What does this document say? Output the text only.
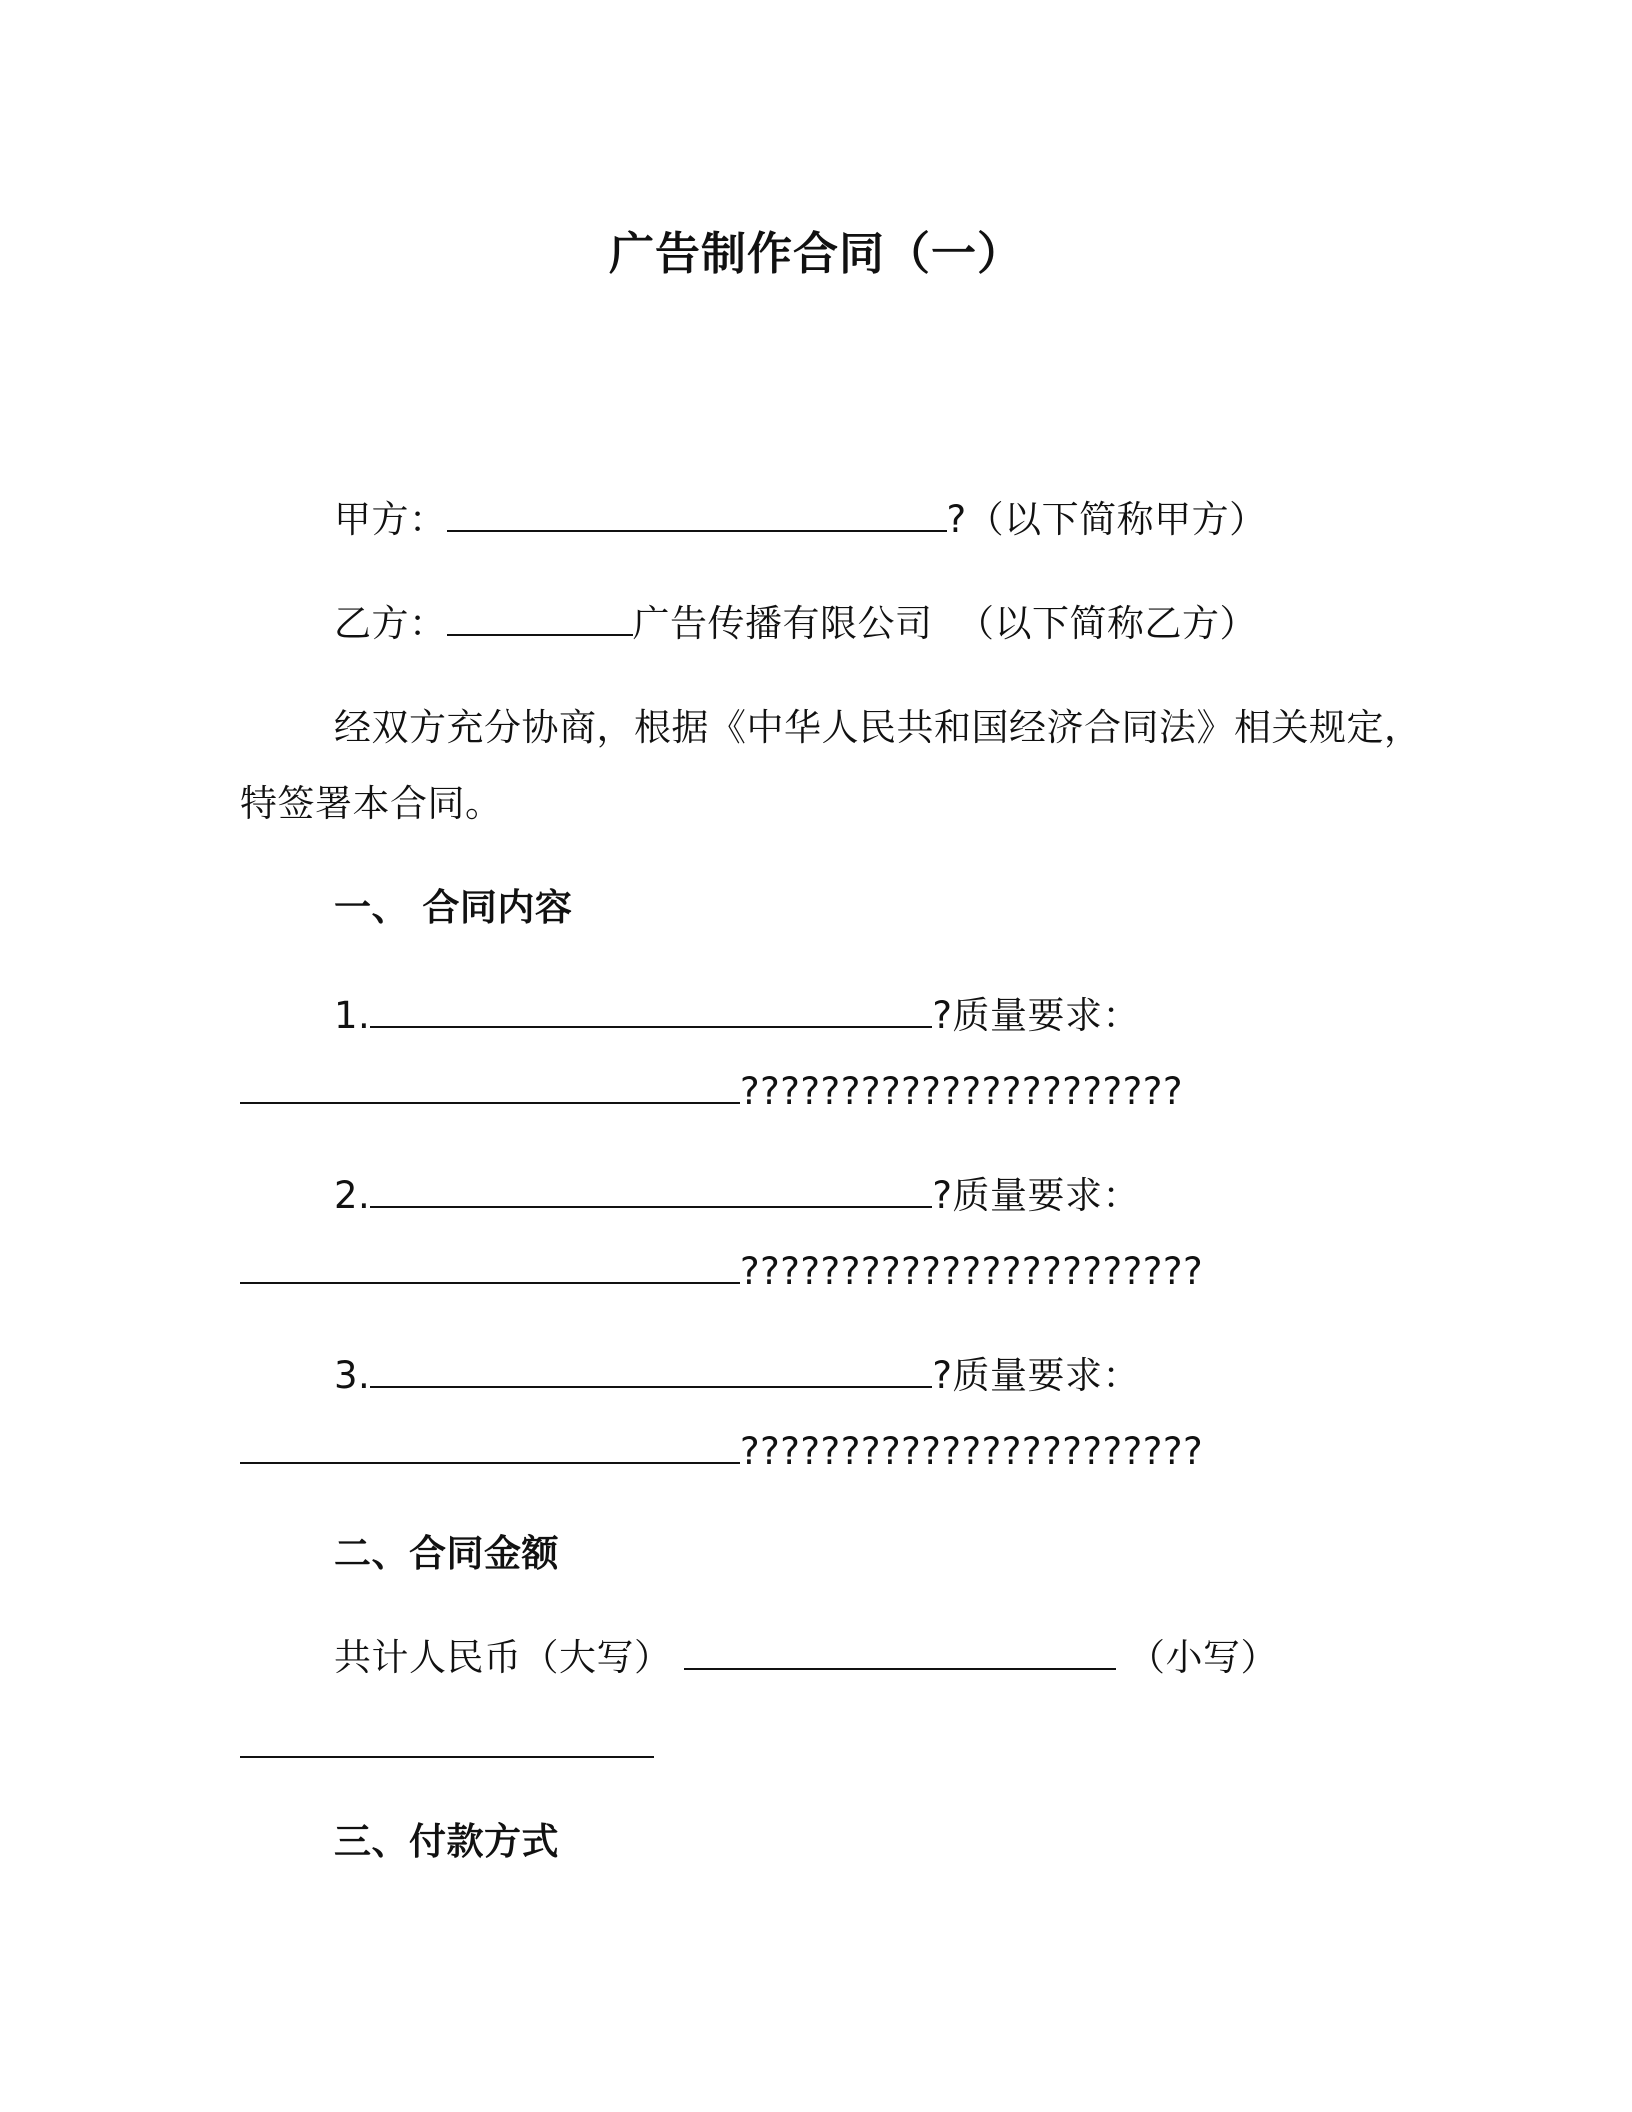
广告制作合同（一）
甲方：	?（以下简称甲方）
乙方：	广告传播有限公司 （以下简称乙方）
经双方充分协商，根据《中华人民共和国经济合同法》相关规定，
特签署本合同。
一、 合同内容
1.	?质量要求：
??????????????????????
2.	?质量要求：
???????????????????????
3.	?质量要求：
???????????????????????
二、合同金额
共计人民币（大写）	（小写）
三、付款方式
